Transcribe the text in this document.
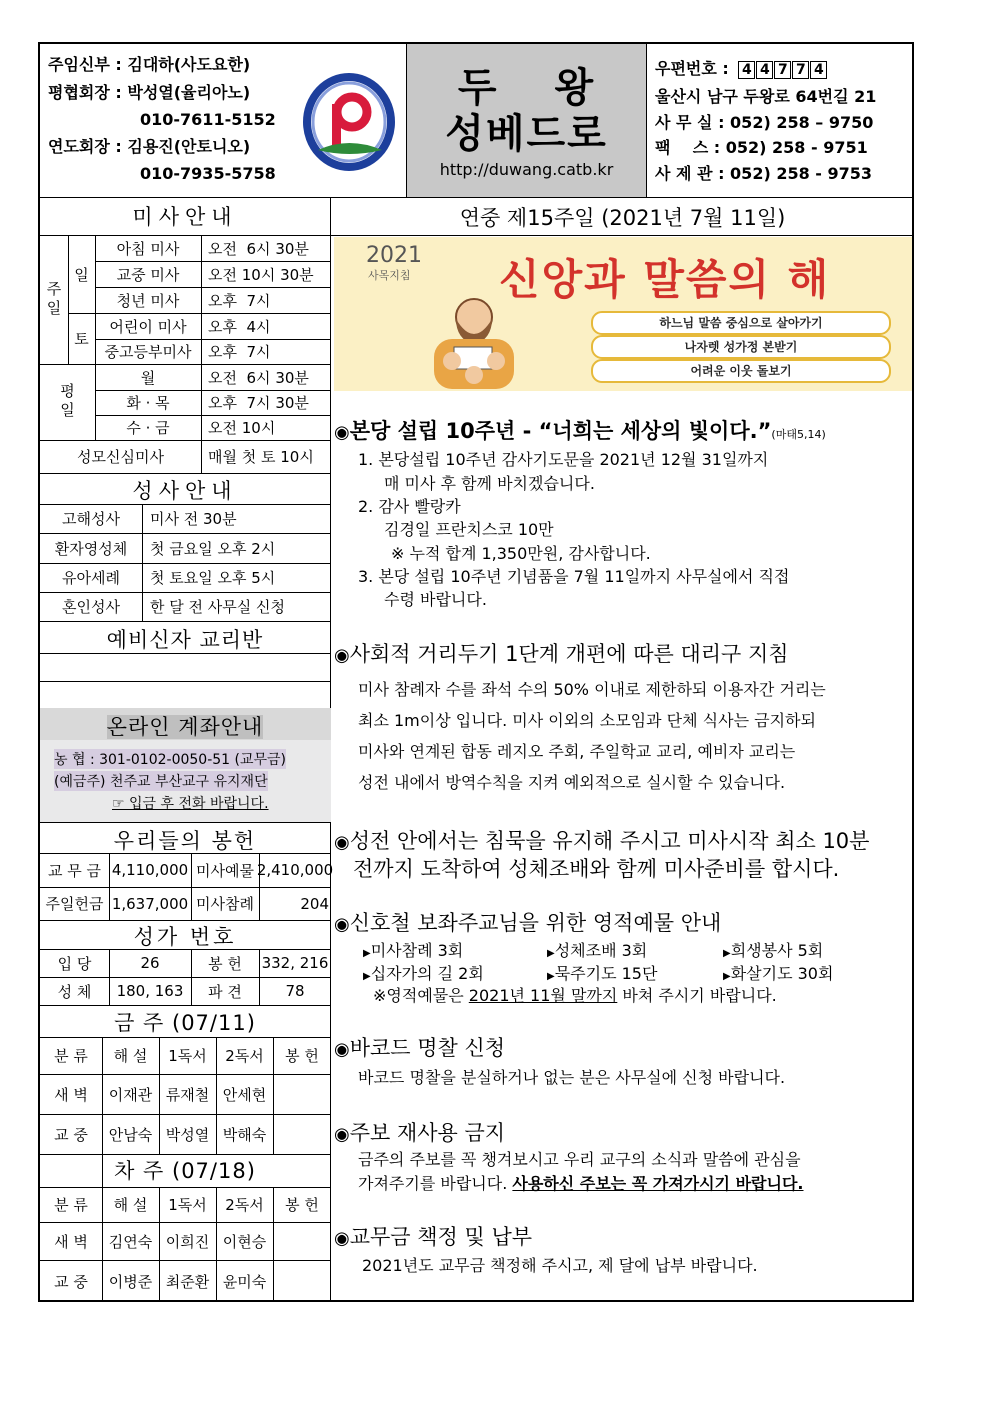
주임신부 : 김대하(사도요한)
평협회장 : 박성열(율리아노)
010-7611-5152
연도회장 : 김용진(안토니오)
010-7935-5758
두 왕
성베드로
http://duwang.catb.kr
우편번호 : 4 4 7 7 4
울산시 남구 두왕로 64번길 21
사 무 실 : 052) 258 – 9750
팩    스 : 052) 258 - 9751
사 제 관 : 052) 258 - 9753
미사안내
주일
일
토
평일
아침 미사	오전  6시 30분
교중 미사	오전 10시 30분
청년 미사	오후  7시
어린이 미사	오후  4시
중고등부미사	오후  7시
월	오전  6시 30분
화 · 목	오후  7시 30분
수 · 금	오전 10시
성모신심미사	매월 첫 토 10시
성사안내
고해성사	미사 전 30분
환자영성체	첫 금요일 오후 2시
유아세례	첫 토요일 오후 5시
혼인성사	한 달 전 사무실 신청
예비신자 교리반
온라인 계좌안내
농 협 : 301-0102-0050-51 (교무금)
(예금주) 천주교 부산교구 유지재단
☞ 입금 후 전화 바랍니다.
우리들의 봉헌
교 무 금 4,110,000 미사예물 2,410,000
주일헌금 1,637,000 미사참례	204
성가 번호
입 당	26	봉 헌	332, 216
성 체	180, 163	파 견	78
금 주 (07/11)
분 류	해 설	1독서	2독서	봉 헌
새 벽	이재관 류재철 안세현
교 중	안남숙 박성열 박해숙
차 주 (07/18)
분 류	해 설	1독서	2독서	봉 헌
새 벽	김연숙 이희진 이현승
교 중	이병준 최준환 윤미숙
연중 제15주일 (2021년 7월 11일)
2021
사목지침 신앙과 말씀의 해
하느님 말씀 중심으로 살아가기
나자렛 성가정 본받기
어려운 이웃 돌보기
◉본당 설립 10주년 - “너희는 세상의 빛이다.”(마태5,14)
1. 본당설립 10주년 감사기도문을 2021년 12월 31일까지
매 미사 후 함께 바치겠습니다.
2. 감사 빨랑카
김경일 프란치스코 10만
※ 누적 합계 1,350만원, 감사합니다.
3. 본당 설립 10주년 기념품을 7월 11일까지 사무실에서 직접
수령 바랍니다.
◉사회적 거리두기 1단계 개편에 따른 대리구 지침
미사 참례자 수를 좌석 수의 50% 이내로 제한하되 이용자간 거리는
최소 1m이상 입니다. 미사 이외의 소모임과 단체 식사는 금지하되
미사와 연계된 합동 레지오 주회, 주일학교 교리, 예비자 교리는
성전 내에서 방역수칙을 지켜 예외적으로 실시할 수 있습니다.
◉성전 안에서는 침묵을 유지해 주시고 미사시작 최소 10분
전까지 도착하여 성체조배와 함께 미사준비를 합시다.
◉신호철 보좌주교님을 위한 영적예물 안내
▶미사참례 3회	▶성체조배 3회	▶희생봉사 5회
▶십자가의 길 2회	▶묵주기도 15단	▶화살기도 30회
※영적예물은 2021년 11월 말까지 바쳐 주시기 바랍니다.
◉바코드 명찰 신청
바코드 명찰을 분실하거나 없는 분은 사무실에 신청 바랍니다.
◉주보 재사용 금지
금주의 주보를 꼭 챙겨보시고 우리 교구의 소식과 말씀에 관심을
가져주기를 바랍니다. 사용하신 주보는 꼭 가져가시기 바랍니다.
◉교무금 책정 및 납부
2021년도 교무금 책정해 주시고, 제 달에 납부 바랍니다.
